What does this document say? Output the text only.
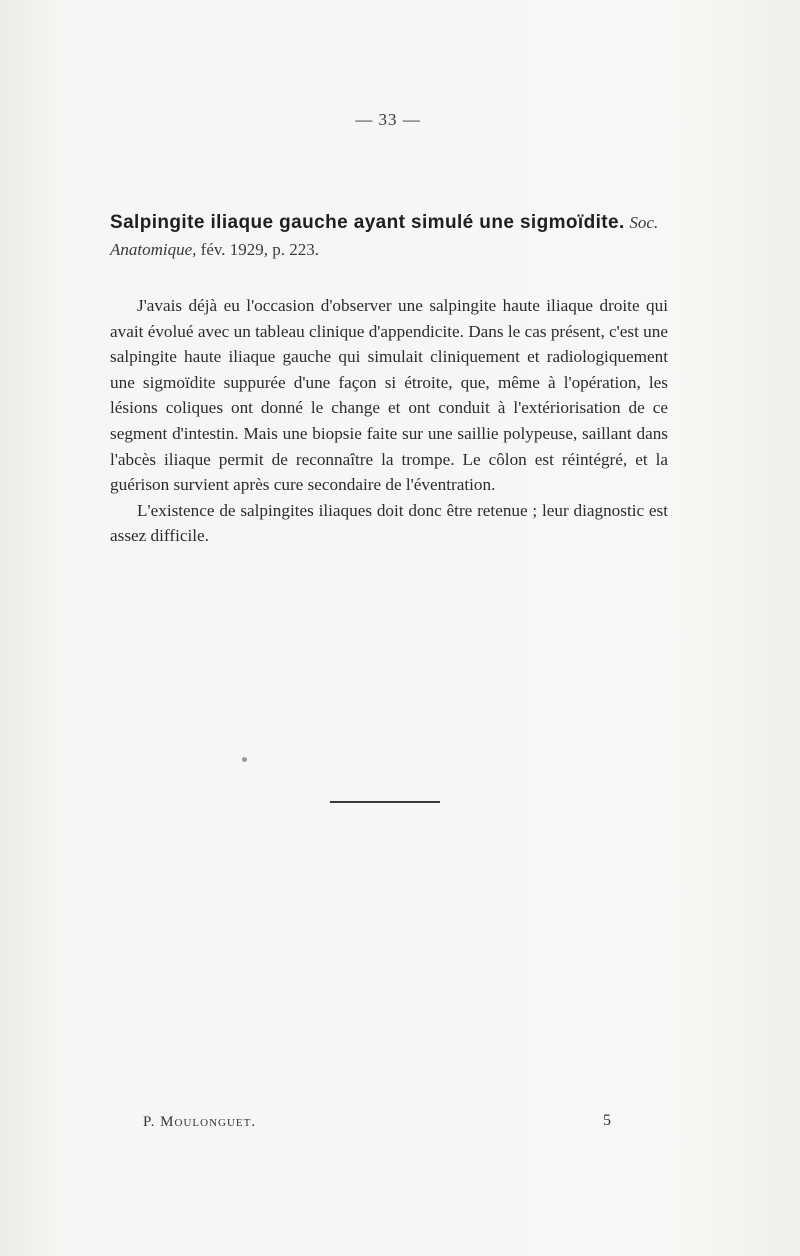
— 33 —
Salpingite iliaque gauche ayant simulé une sigmoïdite. Soc. Anatomique, fév. 1929, p. 223.

J'avais déjà eu l'occasion d'observer une salpingite haute iliaque droite qui avait évolué avec un tableau clinique d'appendicite. Dans le cas présent, c'est une salpingite haute iliaque gauche qui simulait cliniquement et radiologiquement une sigmoïdite suppurée d'une façon si étroite, que, même à l'opération, les lésions coliques ont donné le change et ont conduit à l'extériorisation de ce segment d'intestin. Mais une biopsie faite sur une saillie polypeuse, saillant dans l'abcès iliaque permit de reconnaître la trompe. Le côlon est réintégré, et la guérison survient après cure secondaire de l'éventration.

L'existence de salpingites iliaques doit donc être retenue ; leur diagnostic est assez difficile.

P. Moulonguet.	5
